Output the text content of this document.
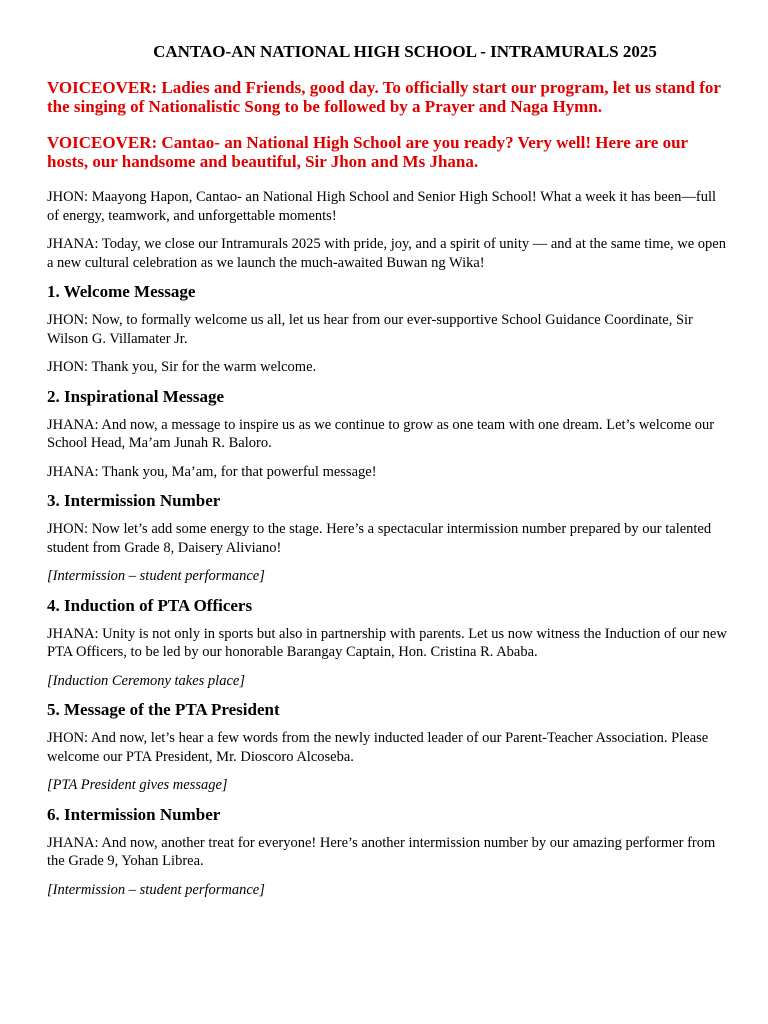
CANTAO-AN NATIONAL HIGH SCHOOL - INTRAMURALS 2025
VOICEOVER: Ladies and Friends, good day. To officially start our program, let us stand for the singing of Nationalistic Song to be followed by a Prayer and Naga Hymn.
VOICEOVER: Cantao- an National High School are you ready? Very well! Here are our hosts, our handsome and beautiful, Sir Jhon and Ms Jhana.

JHON: Maayong Hapon, Cantao- an National High School and Senior High School! What a week it has been—full of energy, teamwork, and unforgettable moments!

JHANA: Today, we close our Intramurals 2025 with pride, joy, and a spirit of unity — and at the same time, we open a new cultural celebration as we launch the much-awaited Buwan ng Wika!

1. Welcome Message

JHON: Now, to formally welcome us all, let us hear from our ever-supportive School Guidance Coordinate, Sir Wilson G. Villamater Jr.

JHON: Thank you, Sir for the warm welcome.

2. Inspirational Message

JHANA: And now, a message to inspire us as we continue to grow as one team with one dream. Let’s welcome our School Head, Ma’am Junah R. Baloro.

JHANA: Thank you, Ma’am, for that powerful message!

3. Intermission Number

JHON: Now let’s add some energy to the stage. Here’s a spectacular intermission number prepared by our talented student from Grade 8, Daisery Aliviano!

[Intermission – student performance]

4. Induction of PTA Officers

JHANA: Unity is not only in sports but also in partnership with parents. Let us now witness the Induction of our new PTA Officers, to be led by our honorable Barangay Captain, Hon. Cristina R. Ababa.

[Induction Ceremony takes place]

5. Message of the PTA President

JHON: And now, let’s hear a few words from the newly inducted leader of our Parent-Teacher Association. Please welcome our PTA President, Mr. Dioscoro Alcoseba.

[PTA President gives message]

6. Intermission Number

JHANA: And now, another treat for everyone! Here’s another intermission number by our amazing performer from the Grade 9, Yohan Librea.

[Intermission – student performance]
